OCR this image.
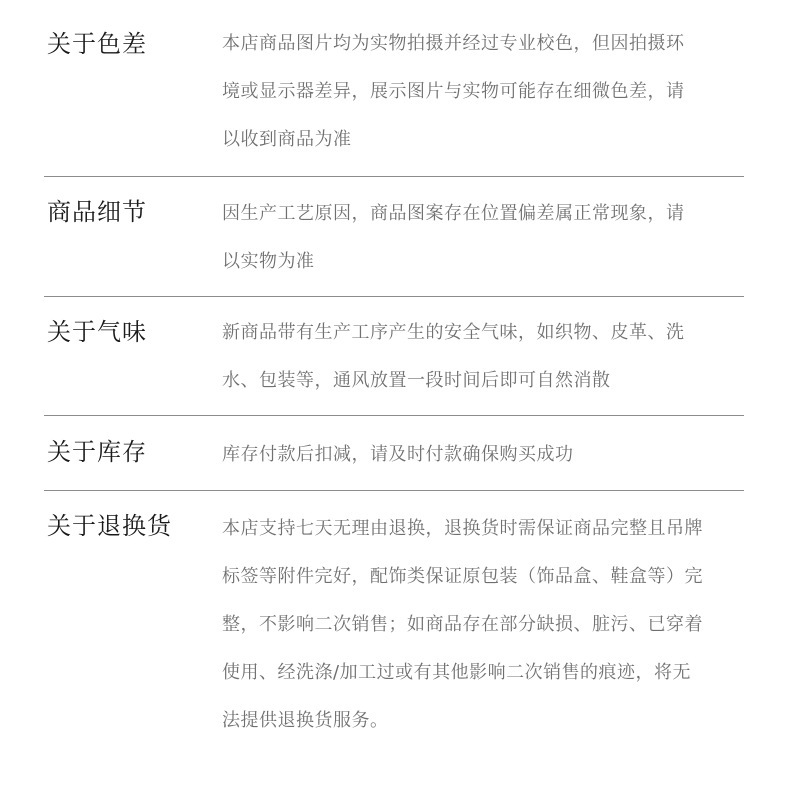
关于色差	本店商品图片均为实物拍摄并经过专业校色，但因拍摄环
境或显示器差异，展示图片与实物可能存在细微色差，请
以收到商品为准
商品细节	因生产工艺原因，商品图案存在位置偏差属正常现象，请
以实物为准
关于气味	新商品带有生产工序产生的安全气味，如织物、皮革、洗
水、包装等，通风放置一段时间后即可自然消散
关于库存	库存付款后扣减，请及时付款确保购买成功
关于退换货	本店支持七天无理由退换，退换货时需保证商品完整且吊牌
标签等附件完好，配饰类保证原包装（饰品盒、鞋盒等）完
整，不影响二次销售；如商品存在部分缺损、脏污、已穿着
使用、经洗涤/加工过或有其他影响二次销售的痕迹，将无
法提供退换货服务。
